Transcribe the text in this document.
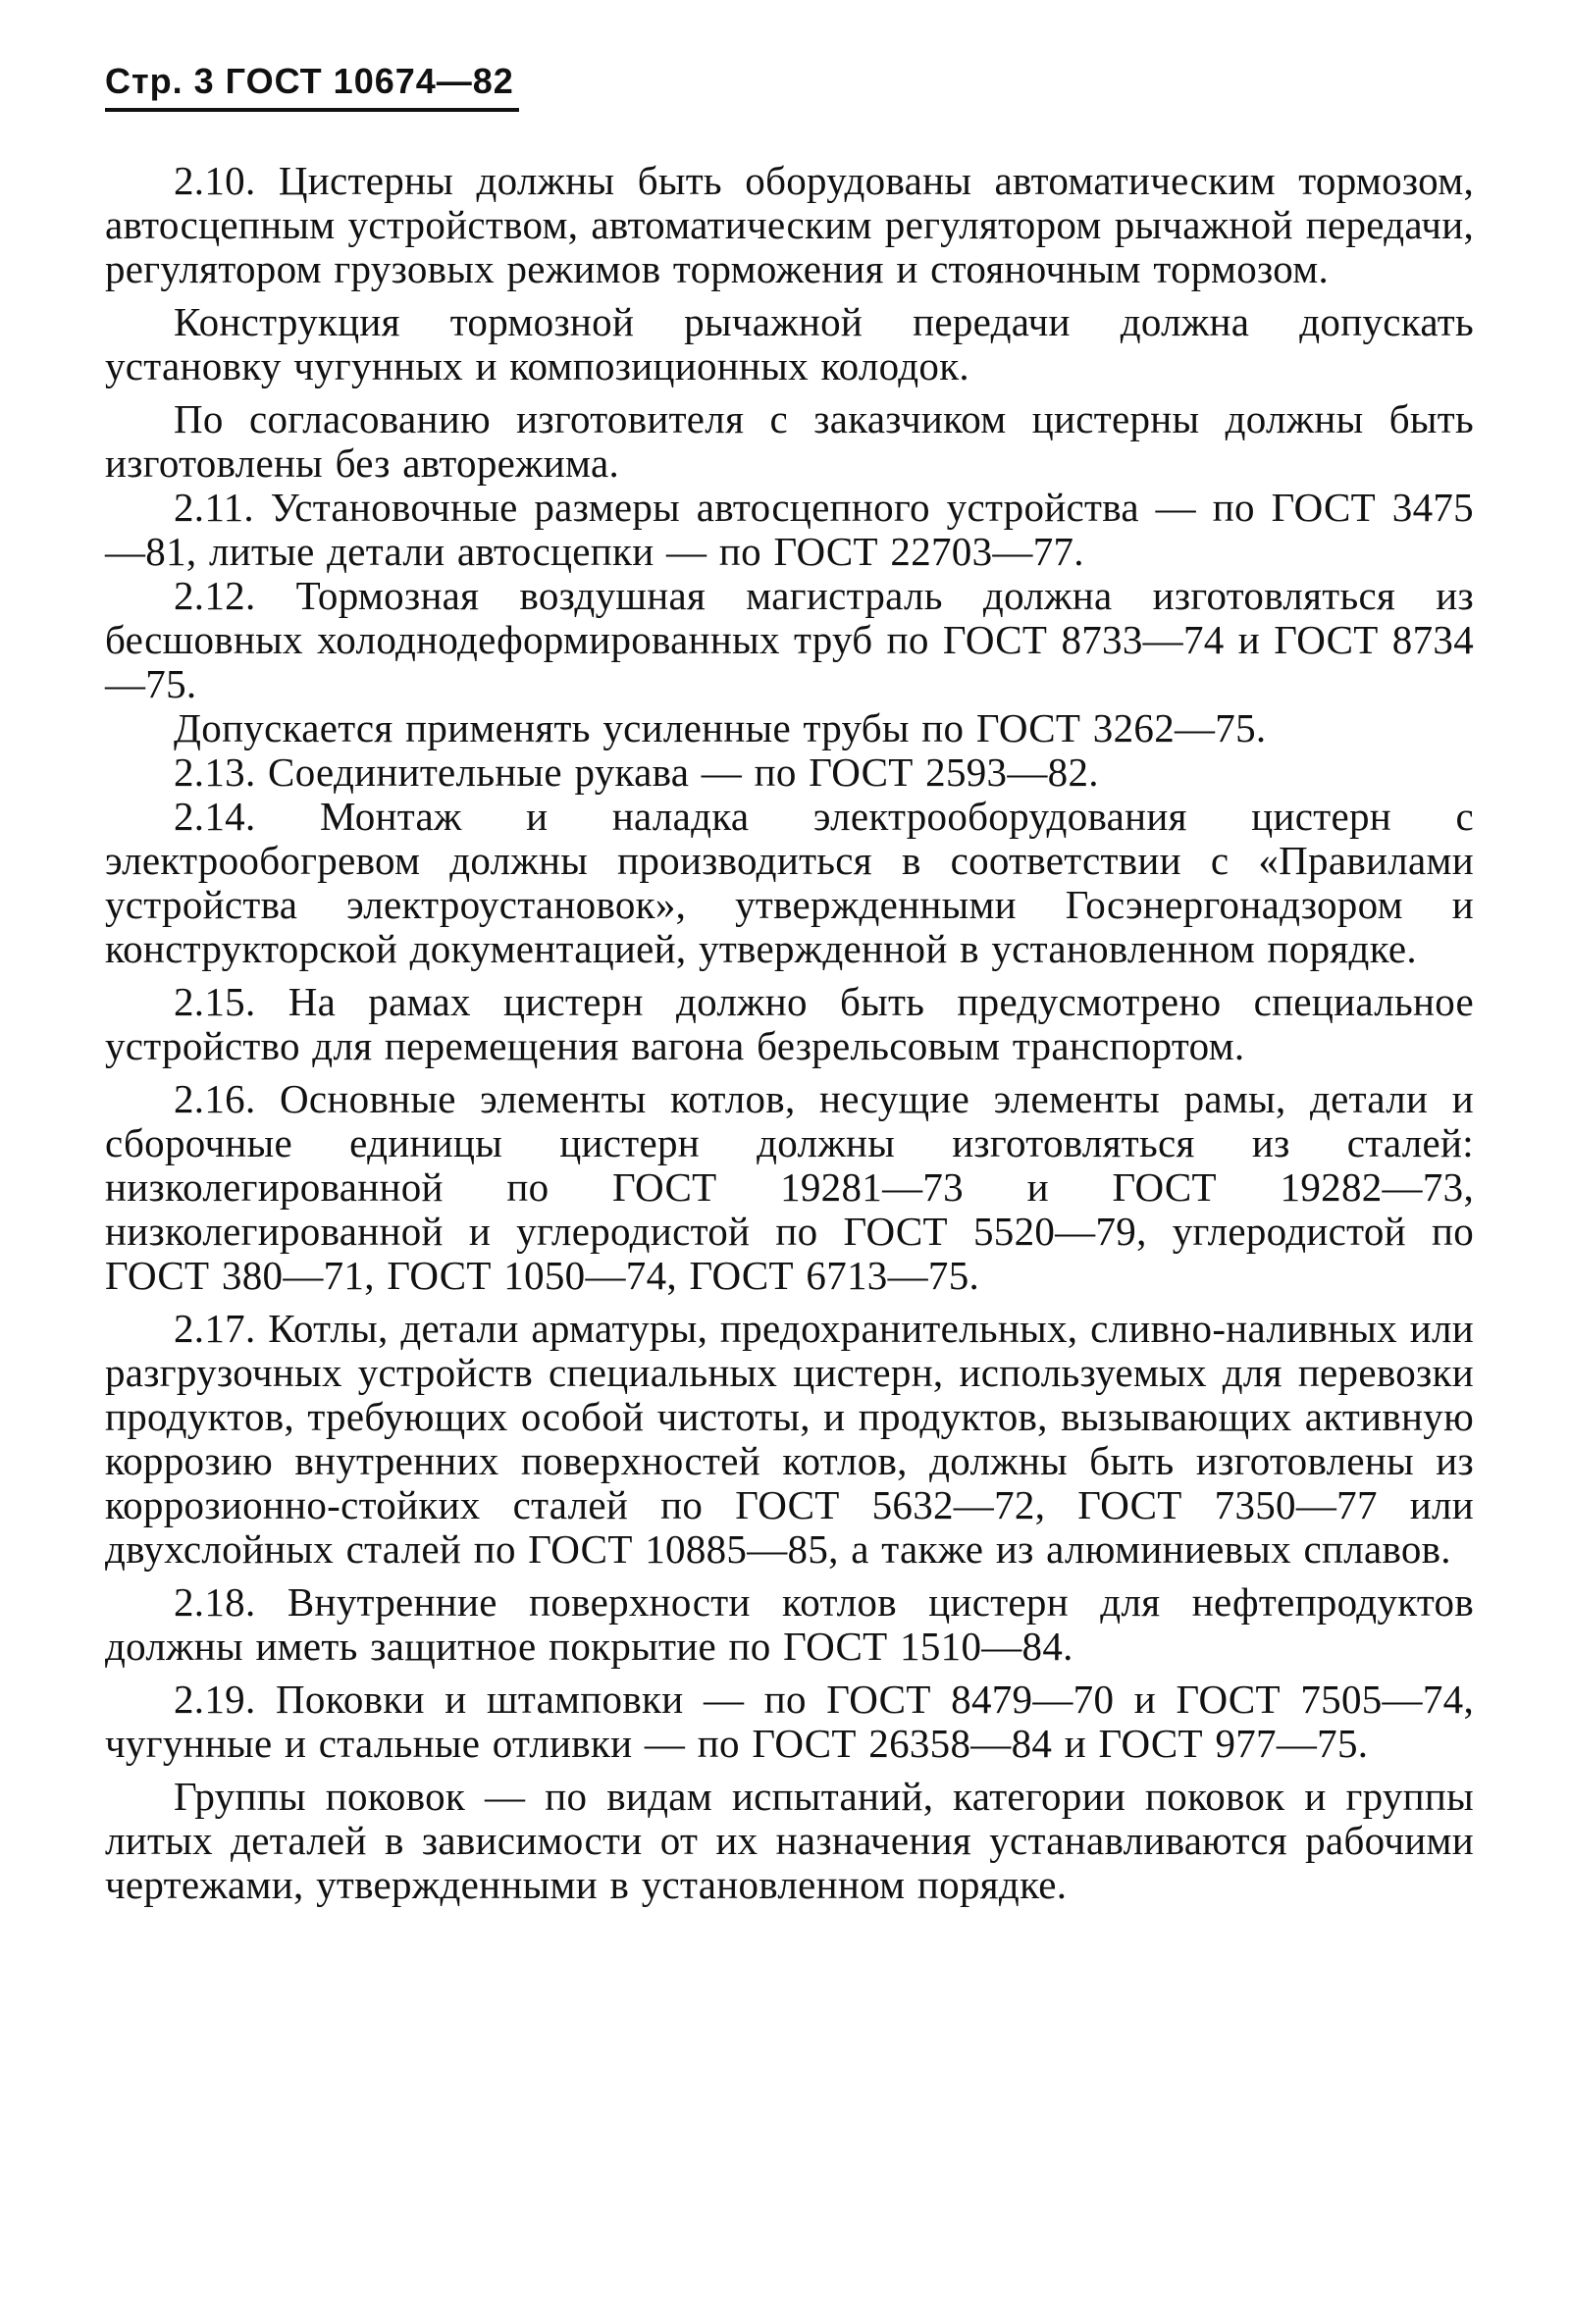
Стр. 3 ГОСТ 10674—82

2.10. Цистерны должны быть оборудованы автоматическим тормозом, автосцепным устройством, автоматическим регулятором рычажной передачи, регулятором грузовых режимов торможения и стояночным тормозом.

Конструкция тормозной рычажной передачи должна допускать установку чугунных и композиционных колодок.

По согласованию изготовителя с заказчиком цистерны должны быть изготовлены без авторежима.

2.11. Установочные размеры автосцепного устройства — по ГОСТ 3475—81, литые детали автосцепки — по ГОСТ 22703—77.

2.12. Тормозная воздушная магистраль должна изготовляться из бесшовных холоднодеформированных труб по ГОСТ 8733—74 и ГОСТ 8734—75.

Допускается применять усиленные трубы по ГОСТ 3262—75.

2.13. Соединительные рукава — по ГОСТ 2593—82.

2.14. Монтаж и наладка электрооборудования цистерн с электрообогревом должны производиться в соответствии с «Правилами устройства электроустановок», утвержденными Госэнергонадзором и конструкторской документацией, утвержденной в установленном порядке.

2.15. На рамах цистерн должно быть предусмотрено специальное устройство для перемещения вагона безрельсовым транспортом.

2.16. Основные элементы котлов, несущие элементы рамы, детали и сборочные единицы цистерн должны изготовляться из сталей: низколегированной по ГОСТ 19281—73 и ГОСТ 19282—73, низколегированной и углеродистой по ГОСТ 5520—79, углеродистой по ГОСТ 380—71, ГОСТ 1050—74, ГОСТ 6713—75.

2.17. Котлы, детали арматуры, предохранительных, сливно-наливных или разгрузочных устройств специальных цистерн, используемых для перевозки продуктов, требующих особой чистоты, и продуктов, вызывающих активную коррозию внутренних поверхностей котлов, должны быть изготовлены из коррозионно-стойких сталей по ГОСТ 5632—72, ГОСТ 7350—77 или двухслойных сталей по ГОСТ 10885—85, а также из алюминиевых сплавов.

2.18. Внутренние поверхности котлов цистерн для нефтепродуктов должны иметь защитное покрытие по ГОСТ 1510—84.

2.19. Поковки и штамповки — по ГОСТ 8479—70 и ГОСТ 7505—74, чугунные и стальные отливки — по ГОСТ 26358—84 и ГОСТ 977—75.

Группы поковок — по видам испытаний, категории поковок и группы литых деталей в зависимости от их назначения устанавливаются рабочими чертежами, утвержденными в установленном порядке.
